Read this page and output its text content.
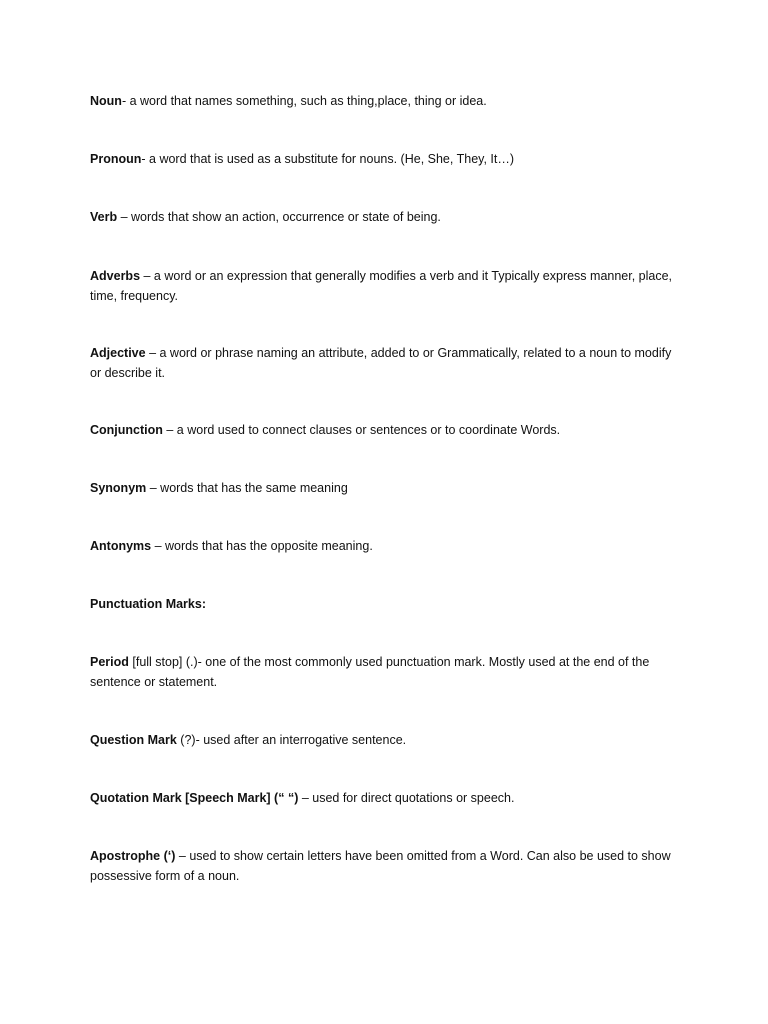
Noun- a word that names something, such as thing,place, thing or idea.

Pronoun- a word that is used as a substitute for nouns. (He, She, They, It…)

Verb – words that show an action, occurrence or state of being.

Adverbs – a word or an expression that generally modifies a verb and it Typically express manner, place, time, frequency.

Adjective – a word or phrase naming an attribute, added to or Grammatically, related to a noun to modify or describe it.

Conjunction – a word used to connect clauses or sentences or to coordinate Words.

Synonym – words that has the same meaning

Antonyms – words that has the opposite meaning.

Punctuation Marks:

Period [full stop] (.)- one of the most commonly used punctuation mark. Mostly used at the end of the sentence or statement.

Question Mark (?)- used after an interrogative sentence.

Quotation Mark [Speech Mark] (“ “) – used for direct quotations or speech.

Apostrophe (‘) – used to show certain letters have been omitted from a Word. Can also be used to show possessive form of a noun.
